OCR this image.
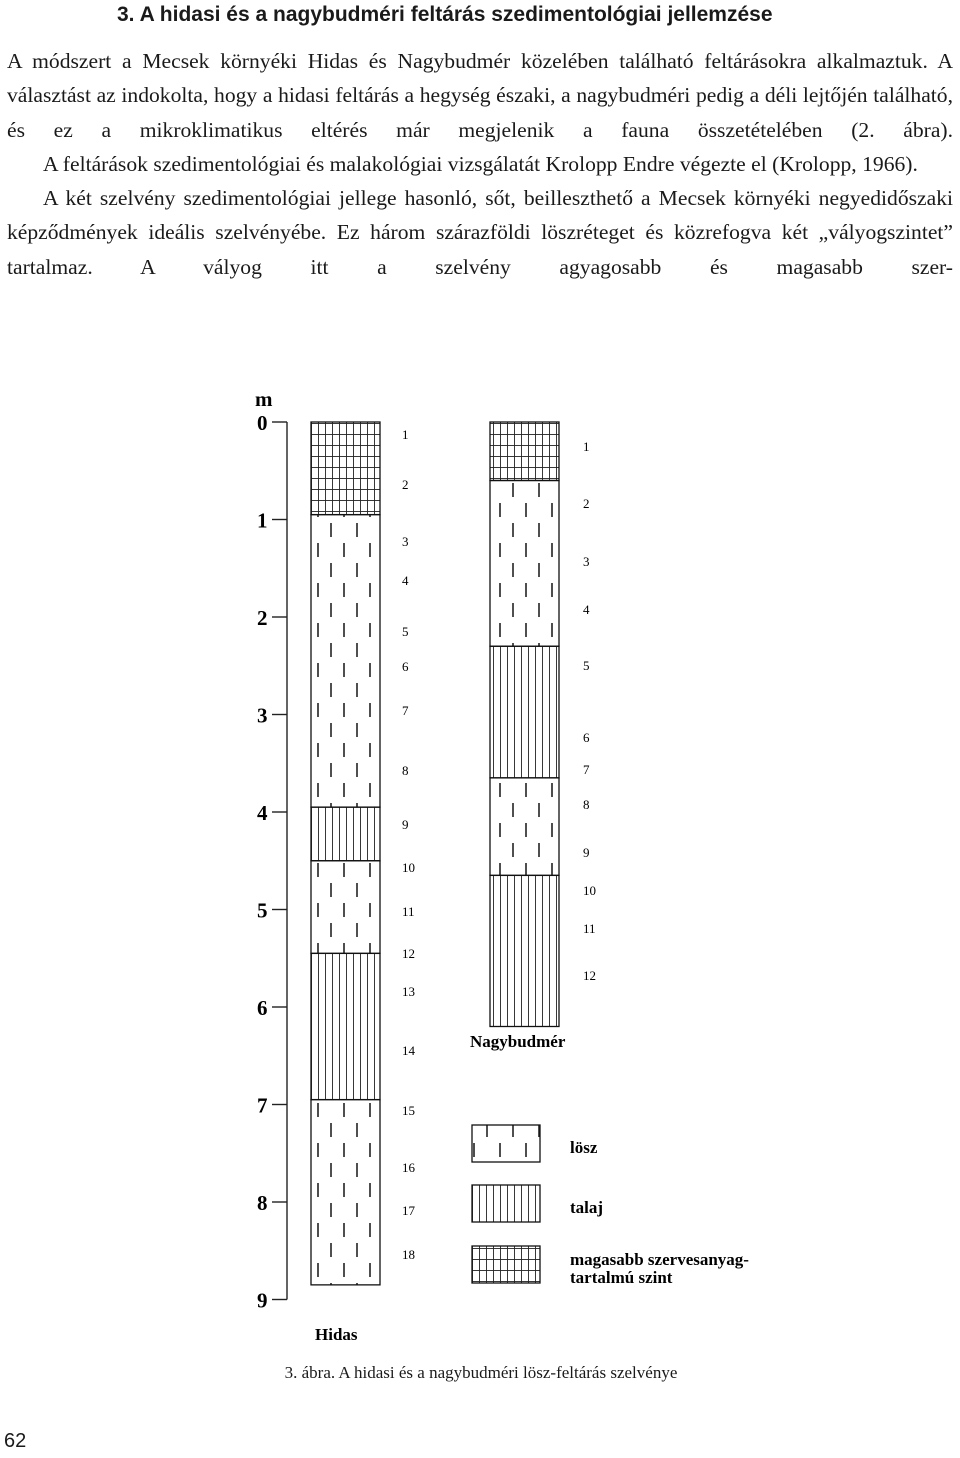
3. A hidasi és a nagybudméri feltárás szedimentológiai jellemzése

A módszert a Mecsek környéki Hidas és Nagybudmér közelében található feltárásokra alkalmaztuk. A választást az indokolta, hogy a hidasi feltárás a hegység északi, a nagybudméri pedig a déli lejtőjén található, és ez a mikroklimatikus eltérés már megjelenik a fauna összetételében (2. ábra).

A feltárások szedimentológiai és malakológiai vizsgálatát Krolopp Endre végezte el (Krolopp, 1966).

A két szelvény szedimentológiai jellege hasonló, sőt, beilleszthető a Mecsek környéki negyedidőszaki képződmények ideális szelvényébe. Ez három szárazföldi löszréteget és közrefogva két „vályogszintet” tartalmaz. A vályog itt a szelvény agyagosabb és magasabb szer-

m
0
1
2
3
4
5
6
7
8
9
1
2
3
4
5
6
7
8
9
10
11
12
13
14
15
16
17
18
1
2
3
4
5
6
7
8
9
10
11
12
Nagybudmér
Hidas
lösz
talaj
magasabb szervesanyag-tartalmú szint
3. ábra. A hidasi és a nagybudméri lösz-feltárás szelvénye
62
